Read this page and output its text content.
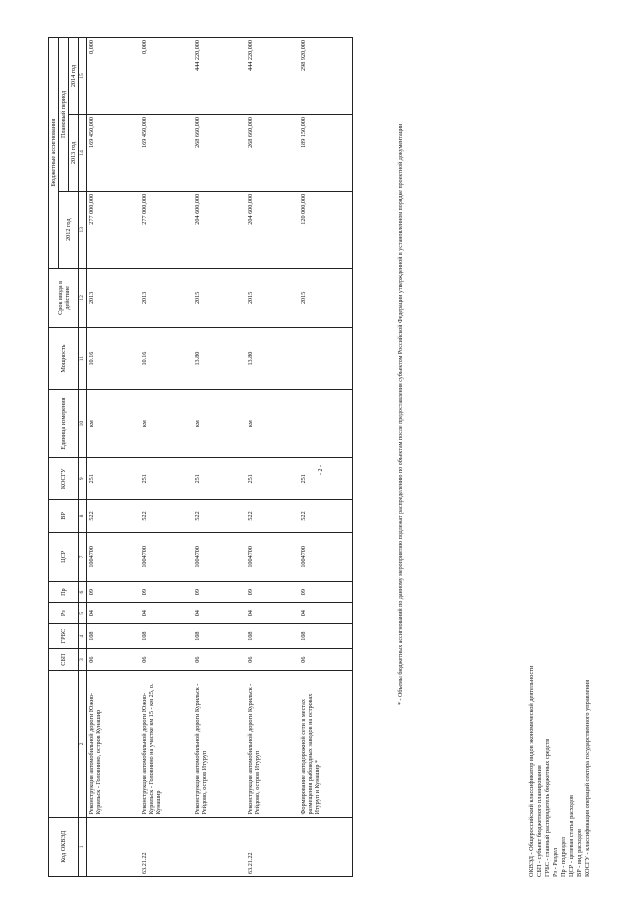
Код ОКВЭД		СБП	ГРБС	Рз	Пр	ЦСР	ВР	КОСГУ	Единица измерения	Мощность	Срок ввода в действие	Бюджетные ассигнования		
												2012 год	Плановый период	
													2013 год	2014 год
1	2	3	4	5	6	7	8	9	10	11	12	13	14	15
	Реконструкция автомобильной дороги Южно-Курильск - Головнино, остров Кунашир	06	108	04	09	1004700	522	251	км	10.16	2013	277 000,000	169 450,000	0,000
63.21.22	Реконструкция автомобильной дороги Южно-Курильск - Головнино на участке км 15 - км 25, о. Кунашир	06	108	04	09	1004700	522	251	км	10.16	2013	277 000,000	169 450,000	0,000
	Реконструкция автомобильной дороги Курильск - Рейдово, остров Итуруп	06	108	04	09	1004700	522	251	км	13.80	2015	204 600,000	268 660,000	444 220,000
63.21.22	Реконструкция автомобильной дороги Курильск - Рейдово, остров Итуруп	06	108	04	09	1004700	522	251	км	13.80	2015	204 600,000	268 660,000	444 220,000
	Формирование автодорожной сети в местах размещения рыбоводных заводов на островах Итуруп и Кунашир *	06	108	04	09	1004700	522	251			2015	120 000,000	189 150,000	298 920,000
- 2 -	* - Объемы бюджетных ассигнований по данному мероприятию подлежат распределению по объектам после предоставления субъектом Российской Федерации утвержденной в установленном порядке проектной документации
ОКВЭД - Общероссийский классификатор видов экономической деятельности СБП - субъект бюджетного планирования ГРБС - главный распорядитель бюджетных средств Рз - Раздел Пр - подраздел ЦСР - целевая статья расходов ВР - вид расходов КОСГУ - классификация операций сектора государственного управления
